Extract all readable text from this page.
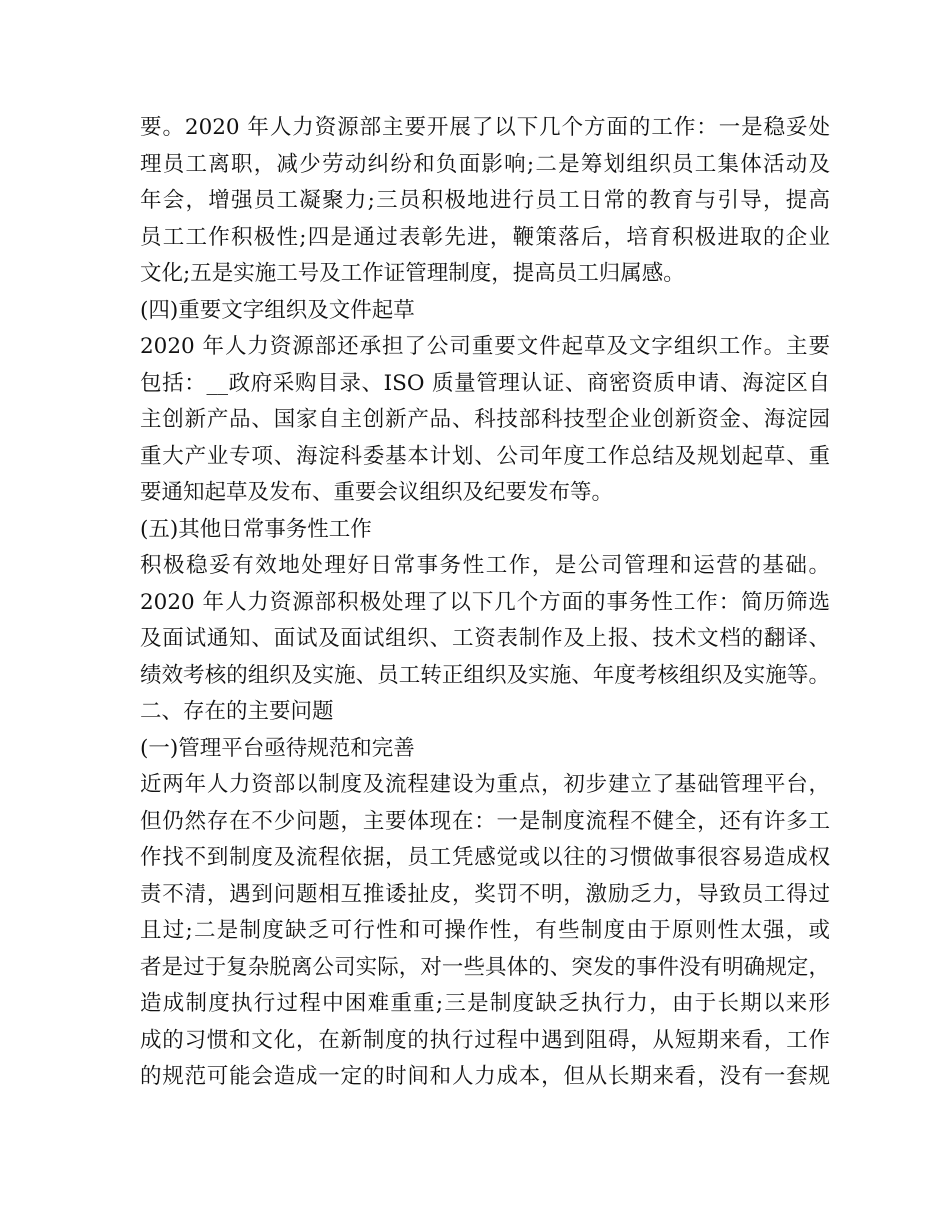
要。2020 年人力资源部主要开展了以下几个方面的工作：一是稳妥处
理员工离职，减少劳动纠纷和负面影响;二是筹划组织员工集体活动及
年会，增强员工凝聚力;三员积极地进行员工日常的教育与引导，提高
员工工作积极性;四是通过表彰先进，鞭策落后，培育积极进取的企业
文化;五是实施工号及工作证管理制度，提高员工归属感。
(四)重要文字组织及文件起草
2020 年人力资源部还承担了公司重要文件起草及文字组织工作。主要
包括：__政府采购目录、ISO 质量管理认证、商密资质申请、海淀区自
主创新产品、国家自主创新产品、科技部科技型企业创新资金、海淀园
重大产业专项、海淀科委基本计划、公司年度工作总结及规划起草、重
要通知起草及发布、重要会议组织及纪要发布等。
(五)其他日常事务性工作
积极稳妥有效地处理好日常事务性工作，是公司管理和运营的基础。
2020 年人力资源部积极处理了以下几个方面的事务性工作：简历筛选
及面试通知、面试及面试组织、工资表制作及上报、技术文档的翻译、
绩效考核的组织及实施、员工转正组织及实施、年度考核组织及实施等。
二、存在的主要问题
(一)管理平台亟待规范和完善
近两年人力资部以制度及流程建设为重点，初步建立了基础管理平台，
但仍然存在不少问题，主要体现在：一是制度流程不健全，还有许多工
作找不到制度及流程依据，员工凭感觉或以往的习惯做事很容易造成权
责不清，遇到问题相互推诿扯皮，奖罚不明，激励乏力，导致员工得过
且过;二是制度缺乏可行性和可操作性，有些制度由于原则性太强，或
者是过于复杂脱离公司实际，对一些具体的、突发的事件没有明确规定，
造成制度执行过程中困难重重;三是制度缺乏执行力，由于长期以来形
成的习惯和文化，在新制度的执行过程中遇到阻碍，从短期来看，工作
的规范可能会造成一定的时间和人力成本，但从长期来看，没有一套规
